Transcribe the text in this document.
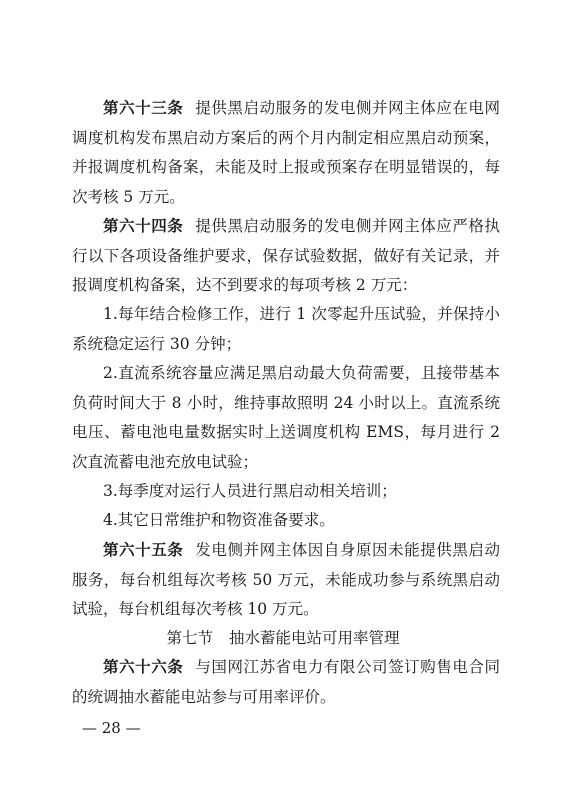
第六十三条 提供黑启动服务的发电侧并网主体应在电网调度机构发布黑启动方案后的两个月内制定相应黑启动预案，并报调度机构备案，未能及时上报或预案存在明显错误的，每次考核 5 万元。

第六十四条 提供黑启动服务的发电侧并网主体应严格执行以下各项设备维护要求，保存试验数据，做好有关记录，并报调度机构备案，达不到要求的每项考核 2 万元：

1.每年结合检修工作，进行 1 次零起升压试验，并保持小系统稳定运行 30 分钟；

2.直流系统容量应满足黑启动最大负荷需要，且接带基本负荷时间大于 8 小时，维持事故照明 24 小时以上。直流系统电压、蓄电池电量数据实时上送调度机构 EMS，每月进行 2 次直流蓄电池充放电试验；

3.每季度对运行人员进行黑启动相关培训；

4.其它日常维护和物资准备要求。

第六十五条 发电侧并网主体因自身原因未能提供黑启动服务，每台机组每次考核 50 万元，未能成功参与系统黑启动试验，每台机组每次考核 10 万元。

第七节 抽水蓄能电站可用率管理

第六十六条 与国网江苏省电力有限公司签订购售电合同的统调抽水蓄能电站参与可用率评价。

— 28 —
